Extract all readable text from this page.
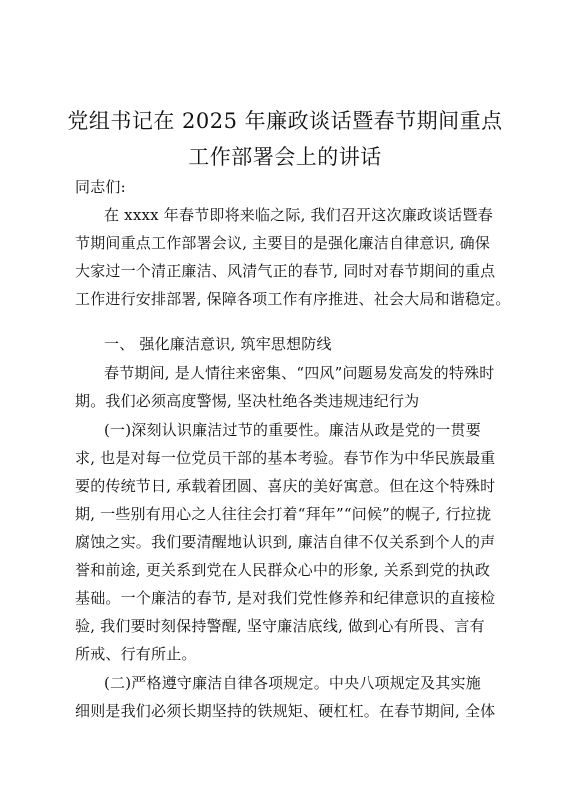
党组书记在 2025 年廉政谈话暨春节期间重点
工作部署会上的讲话
同志们:
在 xxxx 年春节即将来临之际, 我们召开这次廉政谈话暨春
节期间重点工作部署会议, 主要目的是强化廉洁自律意识, 确保
大家过一个清正廉洁、风清气正的春节, 同时对春节期间的重点
工作进行安排部署, 保障各项工作有序推进、社会大局和谐稳定。
一、 强化廉洁意识, 筑牢思想防线
春节期间, 是人情往来密集、“四风”问题易发高发的特殊时
期。我们必须高度警惕, 坚决杜绝各类违规违纪行为
(一)深刻认识廉洁过节的重要性。廉洁从政是党的一贯要
求, 也是对每一位党员干部的基本考验。春节作为中华民族最重
要的传统节日, 承载着团圆、喜庆的美好寓意。但在这个特殊时
期, 一些别有用心之人往往会打着“拜年”“问候”的幌子, 行拉拢
腐蚀之实。我们要清醒地认识到, 廉洁自律不仅关系到个人的声
誉和前途, 更关系到党在人民群众心中的形象, 关系到党的执政
基础。一个廉洁的春节, 是对我们党性修养和纪律意识的直接检
验, 我们要时刻保持警醒, 坚守廉洁底线, 做到心有所畏、言有
所戒、行有所止。
(二)严格遵守廉洁自律各项规定。中央八项规定及其实施
细则是我们必须长期坚持的铁规矩、硬杠杠。在春节期间, 全体
